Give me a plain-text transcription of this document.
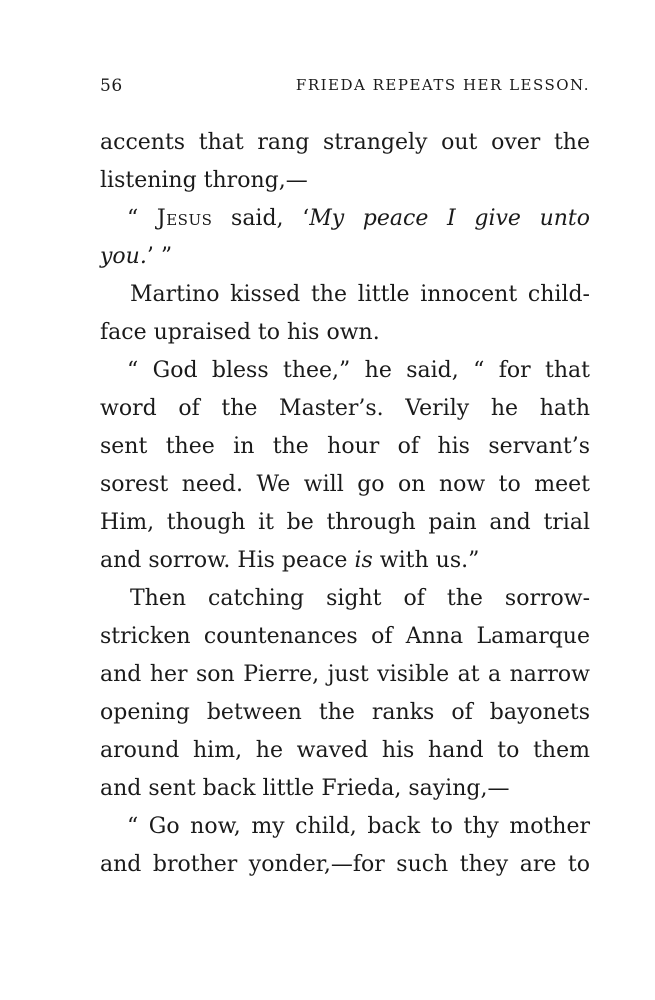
56	FRIEDA REPEATS HER LESSON.
accents that rang strangely out over the
listening throng,—
“ Jesus said, ‘My peace I give unto
you.’ ”
Martino kissed the little innocent child-
face upraised to his own.
“ God bless thee,” he said, “ for that
word of the Master’s. Verily he hath
sent thee in the hour of his servant’s
sorest need. We will go on now to meet
Him, though it be through pain and trial
and sorrow. His peace is with us.”
Then catching sight of the sorrow-
stricken countenances of Anna Lamarque
and her son Pierre, just visible at a narrow
opening between the ranks of bayonets
around him, he waved his hand to them
and sent back little Frieda, saying,—
“ Go now, my child, back to thy mother
and brother yonder,—for such they are to
